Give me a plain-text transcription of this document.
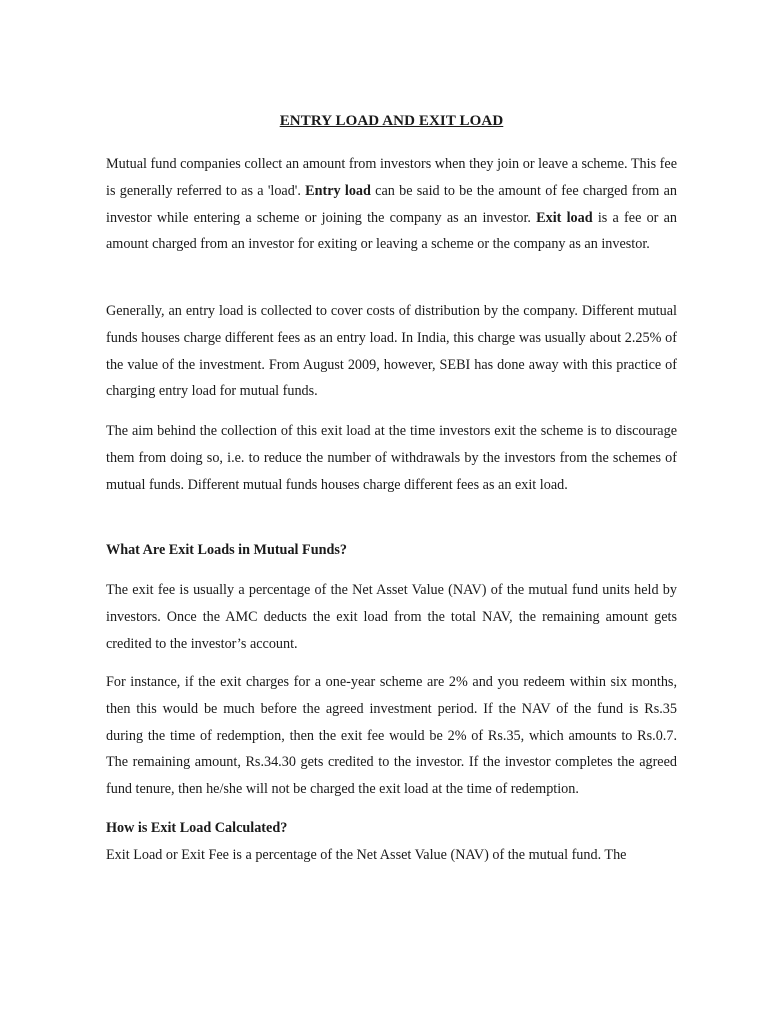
ENTRY LOAD AND EXIT LOAD

Mutual fund companies collect an amount from investors when they join or leave a scheme. This fee is generally referred to as a 'load'. Entry load can be said to be the amount of fee charged from an investor while entering a scheme or joining the company as an investor. Exit load is a fee or an amount charged from an investor for exiting or leaving a scheme or the company as an investor.

Generally, an entry load is collected to cover costs of distribution by the company. Different mutual funds houses charge different fees as an entry load. In India, this charge was usually about 2.25% of the value of the investment. From August 2009, however, SEBI has done away with this practice of charging entry load for mutual funds.

The aim behind the collection of this exit load at the time investors exit the scheme is to discourage them from doing so, i.e. to reduce the number of withdrawals by the investors from the schemes of mutual funds. Different mutual funds houses charge different fees as an exit load.

What Are Exit Loads in Mutual Funds?

The exit fee is usually a percentage of the Net Asset Value (NAV) of the mutual fund units held by investors. Once the AMC deducts the exit load from the total NAV, the remaining amount gets credited to the investor’s account.

For instance, if the exit charges for a one-year scheme are 2% and you redeem within six months, then this would be much before the agreed investment period. If the NAV of the fund is Rs.35 during the time of redemption, then the exit fee would be 2% of Rs.35, which amounts to Rs.0.7. The remaining amount, Rs.34.30 gets credited to the investor. If the investor completes the agreed fund tenure, then he/she will not be charged the exit load at the time of redemption.

How is Exit Load Calculated?

Exit Load or Exit Fee is a percentage of the Net Asset Value (NAV) of the mutual fund. The
